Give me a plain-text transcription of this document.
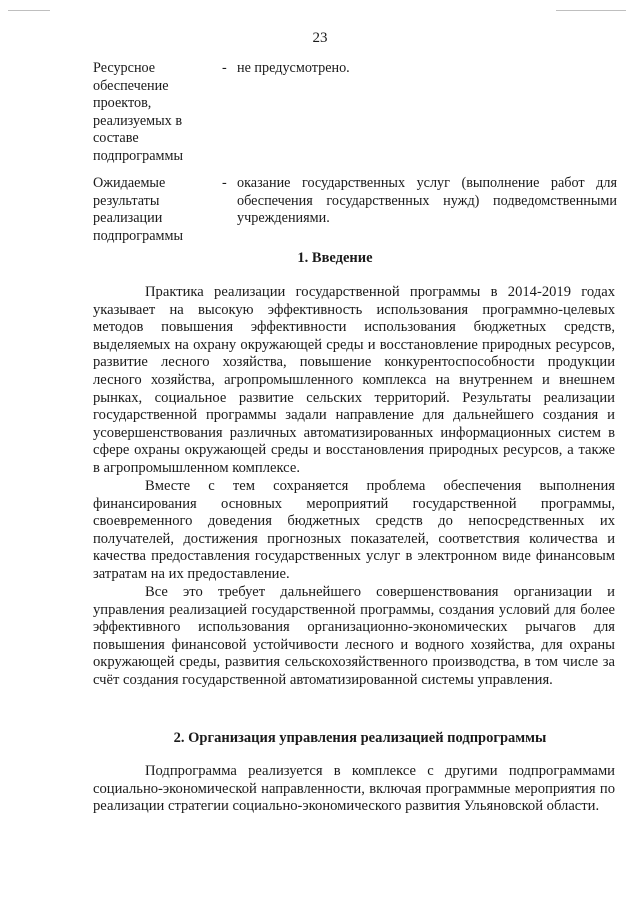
23
Ресурсное обеспечение проектов, реализуемых в составе подпрограммы
- не предусмотрено.
Ожидаемые результаты реализации подпрограммы
- оказание государственных услуг (выполнение работ для обеспечения государственных нужд) подведомственными учреждениями.
1. Введение

Практика реализации государственной программы в 2014-2019 годах указывает на высокую эффективность использования программно-целевых методов повышения эффективности использования бюджетных средств, выделяемых на охрану окружающей среды и восстановление природных ресурсов, развитие лесного хозяйства, повышение конкурентоспособности продукции лесного хозяйства, агропромышленного комплекса на внутреннем и внешнем рынках, социальное развитие сельских территорий. Результаты реализации государственной программы задали направление для дальнейшего создания и усовершенствования различных автоматизированных информационных систем в сфере охраны окружающей среды и восстановления природных ресурсов, а также в агропромышленном комплексе.

Вместе с тем сохраняется проблема обеспечения выполнения финансирования основных мероприятий государственной программы, своевременного доведения бюджетных средств до непосредственных их получателей, достижения прогнозных показателей, соответствия количества и качества предоставления государственных услуг в электронном виде финансовым затратам на их предоставление.

Все это требует дальнейшего совершенствования организации и управления реализацией государственной программы, создания условий для более эффективного использования организационно-экономических рычагов для повышения финансовой устойчивости лесного и водного хозяйства, для охраны окружающей среды, развития сельскохозяйственного производства, в том числе за счёт создания государственной автоматизированной системы управления.

2. Организация управления реализацией подпрограммы

Подпрограмма реализуется в комплексе с другими подпрограммами социально-экономической направленности, включая программные мероприятия по реализации стратегии социально-экономического развития Ульяновской области.
